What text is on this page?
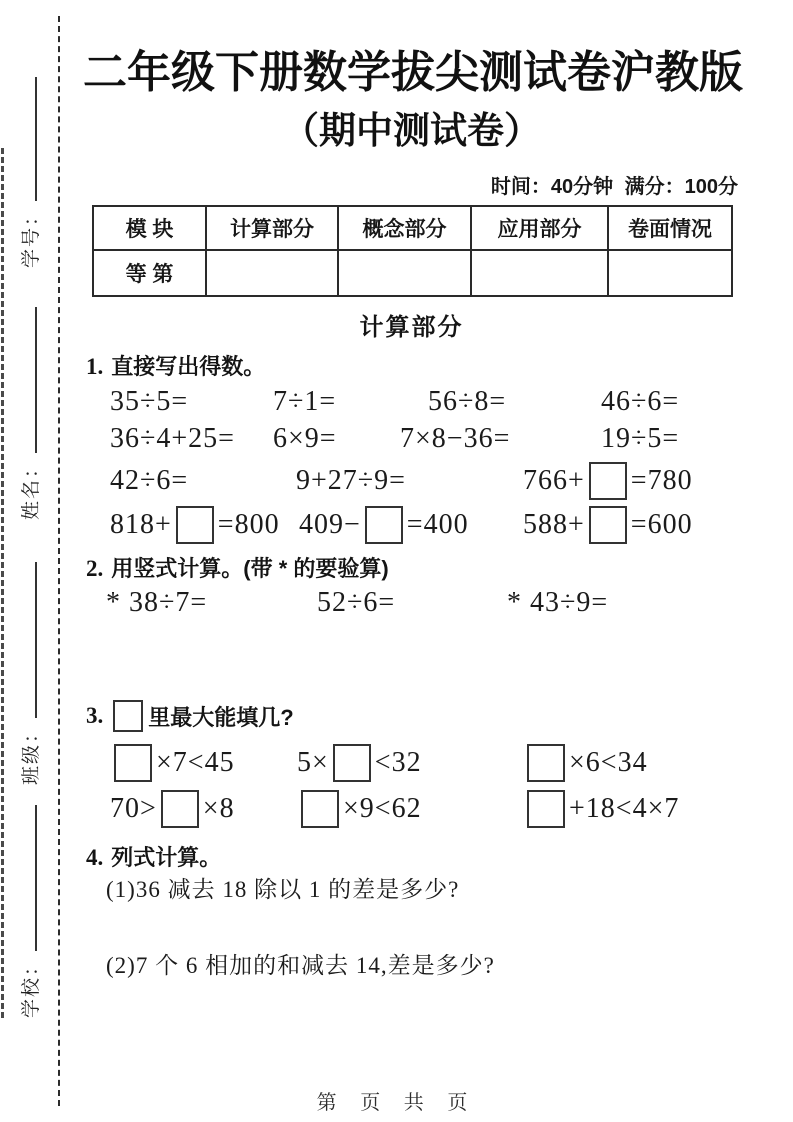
学号：
姓名：
班级：
学校：
二年级下册数学拔尖测试卷沪教版
（期中测试卷）
时间：40分钟 满分：100分
模 块	计算部分	概念部分	应用部分	卷面情况
等 第				
计算部分
1. 直接写出得数。
35÷5=	7÷1=	56÷8=	46÷6=
36÷4+25= 6×9= 7×8−36=	19÷5=
42÷6=	9+27÷9=	766+ =780
818+ =800 409− =400 588+ =600
2. 用竖式计算。(带 * 的要验算)
* 38÷7=	52÷6=	* 43÷9=
3. 里最大能填几?
×7<45 5× <32	×6<34
70> ×8	×9<62	+18<4×7
4. 列式计算。
(1)36 减去 18 除以 1 的差是多少?
(2)7 个 6 相加的和减去 14,差是多少?
第 页 共 页
